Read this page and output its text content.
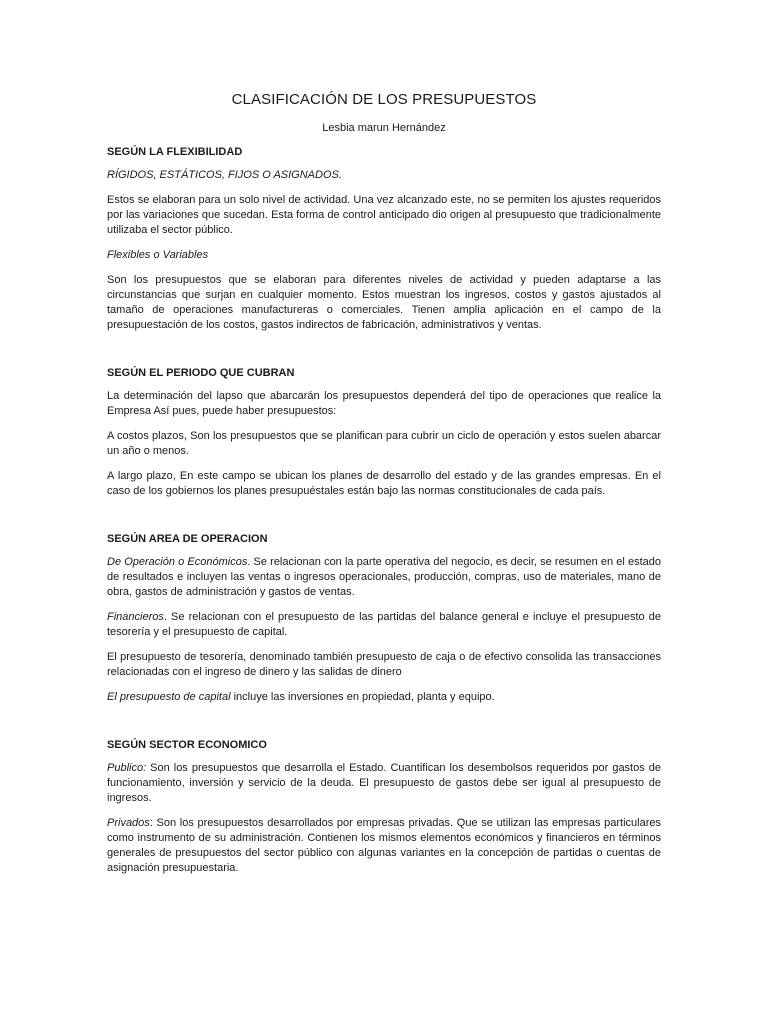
CLASIFICACIÓN DE LOS PRESUPUESTOS
Lesbia marun Hernández
SEGÚN LA FLEXIBILIDAD

RÍGIDOS, ESTÁTICOS, FIJOS O ASIGNADOS.

Estos se elaboran para un solo nivel de actividad. Una vez alcanzado este, no se permiten los ajustes requeridos por las variaciones que sucedan. Esta forma de control anticipado dio origen al presupuesto que tradicionalmente utilizaba el sector público.

Flexibles o Variables

Son los presupuestos que se elaboran para diferentes niveles de actividad y pueden adaptarse a las circunstancias que surjan en cualquier momento. Estos muestran los ingresos, costos y gastos ajustados al tamaño de operaciones manufactureras o comerciales. Tienen amplia aplicación en el campo de la presupuestación de los costos, gastos indirectos de fabricación, administrativos y ventas.

SEGÚN EL PERIODO QUE CUBRAN

La determinación del lapso que abarcarán los presupuestos dependerá del tipo de operaciones que realice la Empresa Así pues, puede haber presupuestos:

A costos plazos, Son los presupuestos que se planifican para cubrir un ciclo de operación y estos suelen abarcar un año o menos.

A largo plazo, En este campo se ubican los planes de desarrollo del estado y de las grandes empresas. En el caso de los gobiernos los planes presupuéstales están bajo las normas constitucionales de cada país.

SEGÚN AREA DE OPERACION

De Operación o Económicos. Se relacionan con la parte operativa del negocio, es decir, se resumen en el estado de resultados e incluyen las ventas o ingresos operacionales, producción, compras, uso de materiales, mano de obra, gastos de administración y gastos de ventas.

Financieros. Se relacionan con el presupuesto de las partidas del balance general e incluye el presupuesto de tesorería y el presupuesto de capital.

El presupuesto de tesorería, denominado también presupuesto de caja o de efectivo consolida las transacciones relacionadas con el ingreso de dinero y las salidas de dinero

El presupuesto de capital incluye las inversiones en propiedad, planta y equipo.

SEGÚN SECTOR ECONOMICO

Publico: Son los presupuestos que desarrolla el Estado. Cuantifican los desembolsos requeridos por gastos de funcionamiento, inversión y servicio de la deuda. El presupuesto de gastos debe ser igual al presupuesto de ingresos.

Privados: Son los presupuestos desarrollados por empresas privadas. Que se utilizan las empresas particulares como instrumento de su administración. Contienen los mismos elementos económicos y financieros en términos generales de presupuestos del sector público con algunas variantes en la concepción de partidas o cuentas de asignación presupuestaria.
